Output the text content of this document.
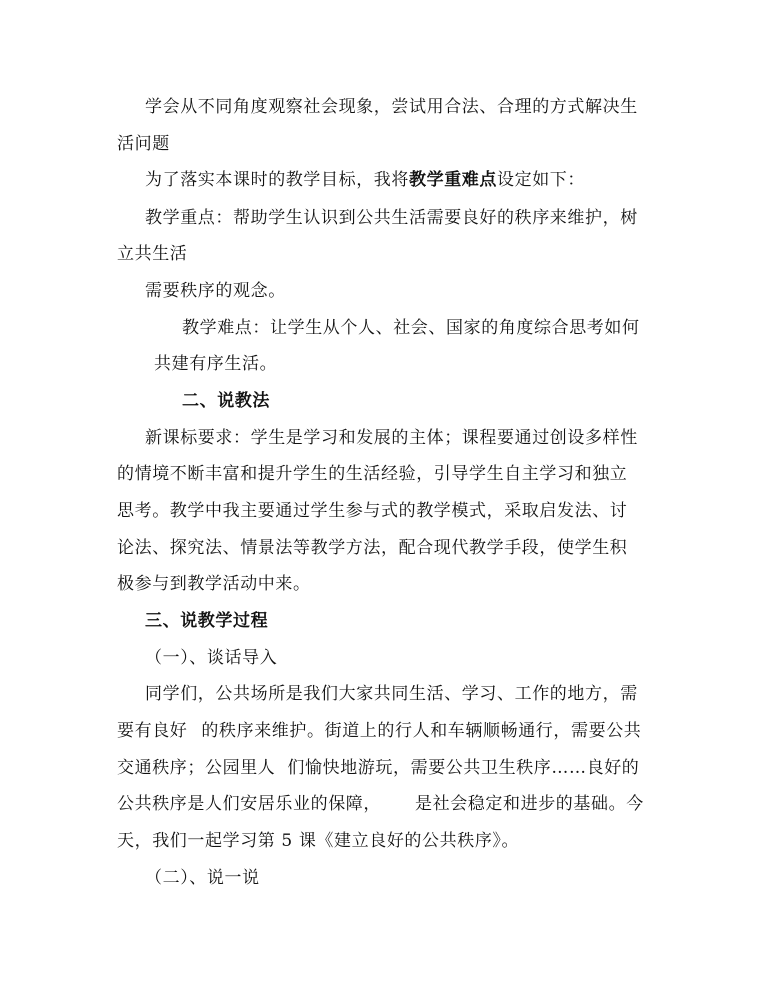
学会从不同角度观察社会现象，尝试用合法、合理的方式解决生
活问题
为了落实本课时的教学目标，我将教学重难点设定如下：
教学重点：帮助学生认识到公共生活需要良好的秩序来维护，树
立共生活
需要秩序的观念。
教学难点：让学生从个人、社会、国家的角度综合思考如何
共建有序生活。
二、说教法
新课标要求：学生是学习和发展的主体；课程要通过创设多样性
的情境不断丰富和提升学生的生活经验，引导学生自主学习和独立
思考。教学中我主要通过学生参与式的教学模式，采取启发法、讨
论法、探究法、情景法等教学方法，配合现代教学手段，使学生积
极参与到教学活动中来。
三、说教学过程
（一）、谈话导入
同学们，公共场所是我们大家共同生活、学习、工作的地方，需
要有良好 的秩序来维护。街道上的行人和车辆顺畅通行，需要公共
交通秩序；公园里人 们愉快地游玩，需要公共卫生秩序……良好的
公共秩序是人们安居乐业的保障， 是社会稳定和进步的基础。今
天，我们一起学习第 5 课《建立良好的公共秩序》。
（二）、说一说
